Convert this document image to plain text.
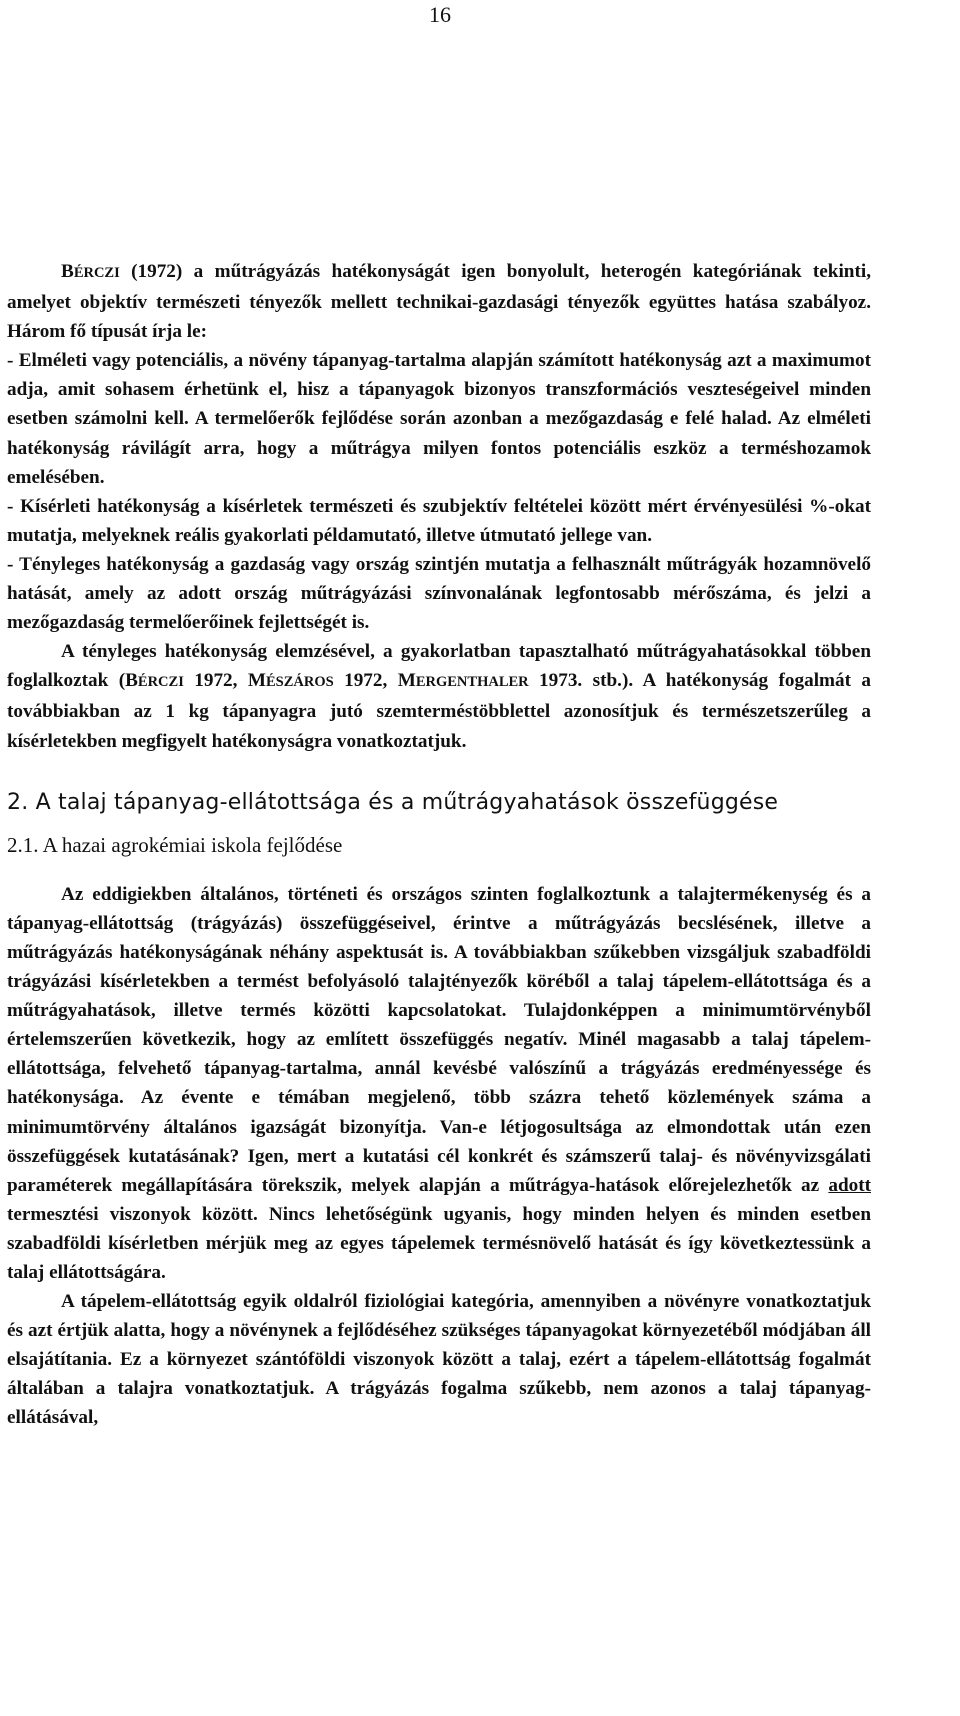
16

BÉRCZI (1972) a műtrágyázás hatékonyságát igen bonyolult, heterogén kategóriának tekinti, amelyet objektív természeti tényezők mellett technikai-gazdasági tényezők együttes hatása szabályoz. Három fő típusát írja le:

- Elméleti vagy potenciális, a növény tápanyag-tartalma alapján számított hatékonyság azt a maximumot adja, amit sohasem érhetünk el, hisz a tápanyagok bizonyos transzformációs veszteségeivel minden esetben számolni kell. A termelőerők fejlődése során azonban a mezőgazdaság e felé halad. Az elméleti hatékonyság rávilágít arra, hogy a műtrágya milyen fontos potenciális eszköz a terméshozamok emelésében.

- Kísérleti hatékonyság a kísérletek természeti és szubjektív feltételei között mért érvényesülési %-okat mutatja, melyeknek reális gyakorlati példamutató, illetve útmutató jellege van.

- Tényleges hatékonyság a gazdaság vagy ország szintjén mutatja a felhasznált műtrágyák hozamnövelő hatását, amely az adott ország műtrágyázási színvonalának legfontosabb mérőszáma, és jelzi a mezőgazdaság termelőerőinek fejlettségét is.

A tényleges hatékonyság elemzésével, a gyakorlatban tapasztalható műtrágyahatásokkal többen foglalkoztak (BÉRCZI 1972, MÉSZÁROS 1972, MERGENTHALER 1973. stb.). A hatékonyság fogalmát a továbbiakban az 1 kg tápanyagra jutó szemterméstöbblettel azonosítjuk és természetszerűleg a kísérletekben megfigyelt hatékonyságra vonatkoztatjuk.

2. A talaj tápanyag-ellátottsága és a műtrágyahatások összefüggése

2.1. A hazai agrokémiai iskola fejlődése

Az eddigiekben általános, történeti és országos szinten foglalkoztunk a talajtermékenység és a tápanyag-ellátottság (trágyázás) összefüggéseivel, érintve a műtrágyázás becslésének, illetve a műtrágyázás hatékonyságának néhány aspektusát is. A továbbiakban szűkebben vizsgáljuk szabadföldi trágyázási kísérletekben a termést befolyásoló talajtényezők köréből a talaj tápelem-ellátottsága és a műtrágyahatások, illetve termés közötti kapcsolatokat. Tulajdonképpen a minimumtörvényből értelemszerűen következik, hogy az említett összefüggés negatív. Minél magasabb a talaj tápelem-ellátottsága, felvehető tápanyag-tartalma, annál kevésbé valószínű a trágyázás eredményessége és hatékonysága. Az évente e témában megjelenő, több százra tehető közlemények száma a minimumtörvény általános igazságát bizonyítja. Van-e létjogosultsága az elmondottak után ezen összefüggések kutatásának? Igen, mert a kutatási cél konkrét és számszerű talaj- és növényvizsgálati paraméterek megállapítására törekszik, melyek alapján a műtrágya-hatások előrejelezhetők az adott termesztési viszonyok között. Nincs lehetőségünk ugyanis, hogy minden helyen és minden esetben szabadföldi kísérletben mérjük meg az egyes tápelemek termésnövelő hatását és így következtessünk a talaj ellátottságára.

A tápelem-ellátottság egyik oldalról fiziológiai kategória, amennyiben a növényre vonatkoztatjuk és azt értjük alatta, hogy a növénynek a fejlődéséhez szükséges tápanyagokat környezetéből módjában áll elsajátítania. Ez a környezet szántóföldi viszonyok között a talaj, ezért a tápelem-ellátottság fogalmát általában a talajra vonatkoztatjuk. A trágyázás fogalma szűkebb, nem azonos a talaj tápanyag-ellátásával,
